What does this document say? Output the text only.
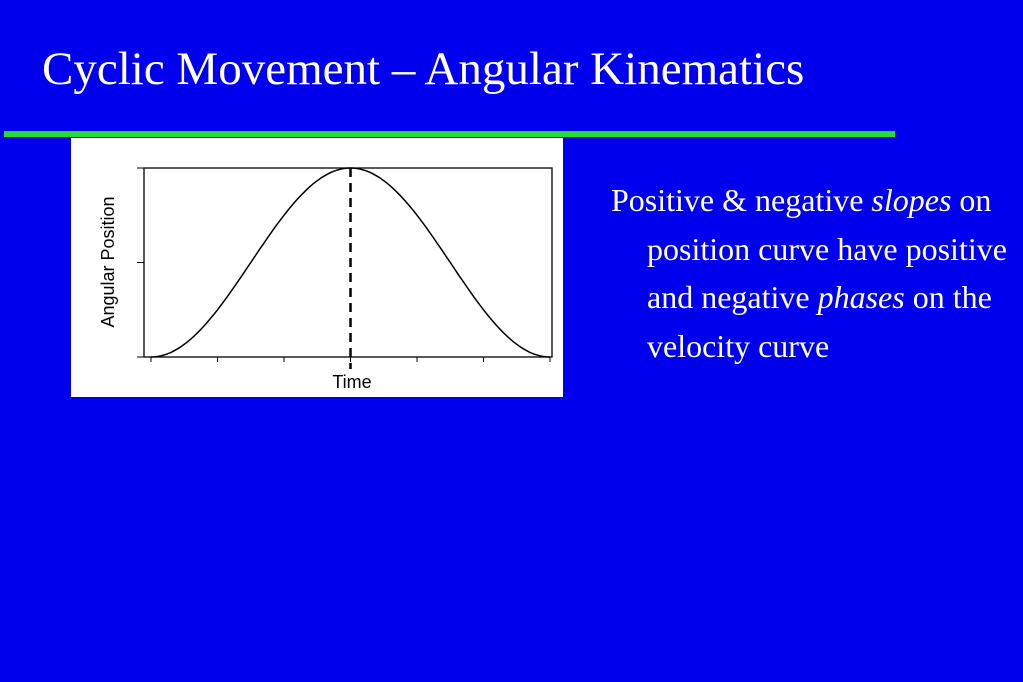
Cyclic Movement – Angular Kinematics
Angular Position
Time

Positive & negative slopes on position curve have positive and negative phases on the velocity curve
